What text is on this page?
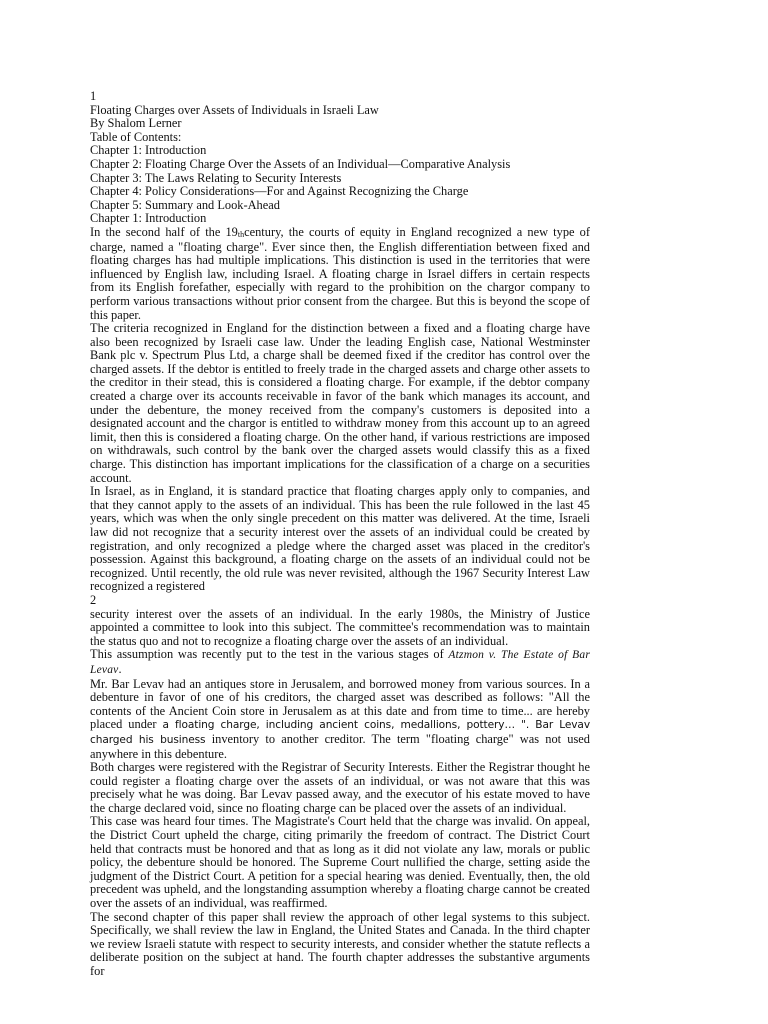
1

Floating Charges over Assets of Individuals in Israeli Law

By Shalom Lerner

Table of Contents:

Chapter 1: Introduction

Chapter 2: Floating Charge Over the Assets of an Individual—Comparative Analysis

Chapter 3: The Laws Relating to Security Interests

Chapter 4: Policy Considerations—For and Against Recognizing the Charge

Chapter 5: Summary and Look-Ahead

Chapter 1: Introduction

In the second half of the $19_{th}century$, the courts of equity in England recognized a new type of charge, named a "floating charge". Ever since then, the English differentiation between fixed and floating charges has had multiple implications. This distinction is used in the territories that were influenced by English law, including Israel. A floating charge in Israel differs in certain respects from its English forefather, especially with regard to the prohibition on the chargor company to perform various transactions without prior consent from the chargee. But this is beyond the scope of this paper.

The criteria recognized in England for the distinction between a fixed and a floating charge have also been recognized by Israeli case law. Under the leading English case, National Westminster Bank plc v. Spectrum Plus Ltd, a charge shall be deemed fixed if the creditor has control over the charged assets. If the debtor is entitled to freely trade in the charged assets and charge other assets to the creditor in their stead, this is considered a floating charge. For example, if the debtor company created a charge over its accounts receivable in favor of the bank which manages its account, and under the debenture, the money received from the company's customers is deposited into a designated account and the chargor is entitled to withdraw money from this account up to an agreed limit, then this is considered a floating charge. On the other hand, if various restrictions are imposed on withdrawals, such control by the bank over the charged assets would classify this as a fixed charge. This distinction has important implications for the classification of a charge on a securities account.

In Israel, as in England, it is standard practice that floating charges apply only to companies, and that they cannot apply to the assets of an individual. This has been the rule followed in the last 45 years, which was when the only single precedent on this matter was delivered. At the time, Israeli law did not recognize that a security interest over the assets of an individual could be created by registration, and only recognized a pledge where the charged asset was placed in the creditor's possession. Against this background, a floating charge on the assets of an individual could not be recognized. Until recently, the old rule was never revisited, although the 1967 Security Interest Law recognized a registered

2

security interest over the assets of an individual. In the early 1980s, the Ministry of Justice appointed a committee to look into this subject. The committee's recommendation was to maintain the status quo and not to recognize a floating charge over the assets of an individual.

This assumption was recently put to the test in the various stages of Atzmon v. The Estate of Bar Levav.

Mr. Bar Levav had an antiques store in Jerusalem, and borrowed money from various sources. In a debenture in favor of one of his creditors, the charged asset was described as follows: "All the contents of the Ancient Coin store in Jerusalem as at this date and from time to time... are hereby placed under a floating charge, including ancient coins, medallions, pottery… ". Bar Levav charged his business inventory to another creditor. The term "floating charge" was not used anywhere in this debenture.

Both charges were registered with the Registrar of Security Interests. Either the Registrar thought he could register a floating charge over the assets of an individual, or was not aware that this was precisely what he was doing. Bar Levav passed away, and the executor of his estate moved to have the charge declared void, since no floating charge can be placed over the assets of an individual.

This case was heard four times. The Magistrate's Court held that the charge was invalid. On appeal, the District Court upheld the charge, citing primarily the freedom of contract. The District Court held that contracts must be honored and that as long as it did not violate any law, morals or public policy, the debenture should be honored. The Supreme Court nullified the charge, setting aside the judgment of the District Court. A petition for a special hearing was denied. Eventually, then, the old precedent was upheld, and the longstanding assumption whereby a floating charge cannot be created over the assets of an individual, was reaffirmed.

The second chapter of this paper shall review the approach of other legal systems to this subject. Specifically, we shall review the law in England, the United States and Canada. In the third chapter we review Israeli statute with respect to security interests, and consider whether the statute reflects a deliberate position on the subject at hand. The fourth chapter addresses the substantive arguments for
